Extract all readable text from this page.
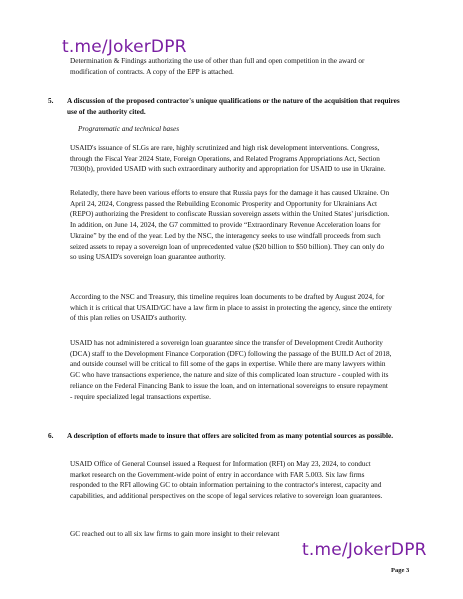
t.me/JokerDPR

Determination & Findings authorizing the use of other than full and open competition in the award or modification of contracts. A copy of the EPP is attached.

5. A discussion of the proposed contractor's unique qualifications or the nature of the acquisition that requires use of the authority cited.

Programmatic and technical bases

USAID's issuance of SLGs are rare, highly scrutinized and high risk development interventions. Congress, through the Fiscal Year 2024 State, Foreign Operations, and Related Programs Appropriations Act, Section 7030(b), provided USAID with such extraordinary authority and appropriation for USAID to use in Ukraine.

Relatedly, there have been various efforts to ensure that Russia pays for the damage it has caused Ukraine. On April 24, 2024, Congress passed the Rebuilding Economic Prosperity and Opportunity for Ukrainians Act (REPO) authorizing the President to confiscate Russian sovereign assets within the United States' jurisdiction. In addition, on June 14, 2024, the G7 committed to provide “Extraordinary Revenue Acceleration loans for Ukraine” by the end of the year. Led by the NSC, the interagency seeks to use windfall proceeds from such seized assets to repay a sovereign loan of unprecedented value ($20 billion to $50 billion). They can only do so using USAID's sovereign loan guarantee authority.

According to the NSC and Treasury, this timeline requires loan documents to be drafted by August 2024, for which it is critical that USAID/GC have a law firm in place to assist in protecting the agency, since the entirety of this plan relies on USAID's authority.

USAID has not administered a sovereign loan guarantee since the transfer of Development Credit Authority (DCA) staff to the Development Finance Corporation (DFC) following the passage of the BUILD Act of 2018, and outside counsel will be critical to fill some of the gaps in expertise. While there are many lawyers within GC who have transactions experience, the nature and size of this complicated loan structure - coupled with its reliance on the Federal Financing Bank to issue the loan, and on international sovereigns to ensure repayment - require specialized legal transactions expertise.

6. A description of efforts made to insure that offers are solicited from as many potential sources as possible.

USAID Office of General Counsel issued a Request for Information (RFI) on May 23, 2024, to conduct market research on the Government-wide point of entry in accordance with FAR 5.003. Six law firms responded to the RFI allowing GC to obtain information pertaining to the contractor's interest, capacity and capabilities, and additional perspectives on the scope of legal services relative to sovereign loan guarantees.

GC reached out to all six law firms to gain more insight to their relevant

t.me/JokerDPR
Page 3
